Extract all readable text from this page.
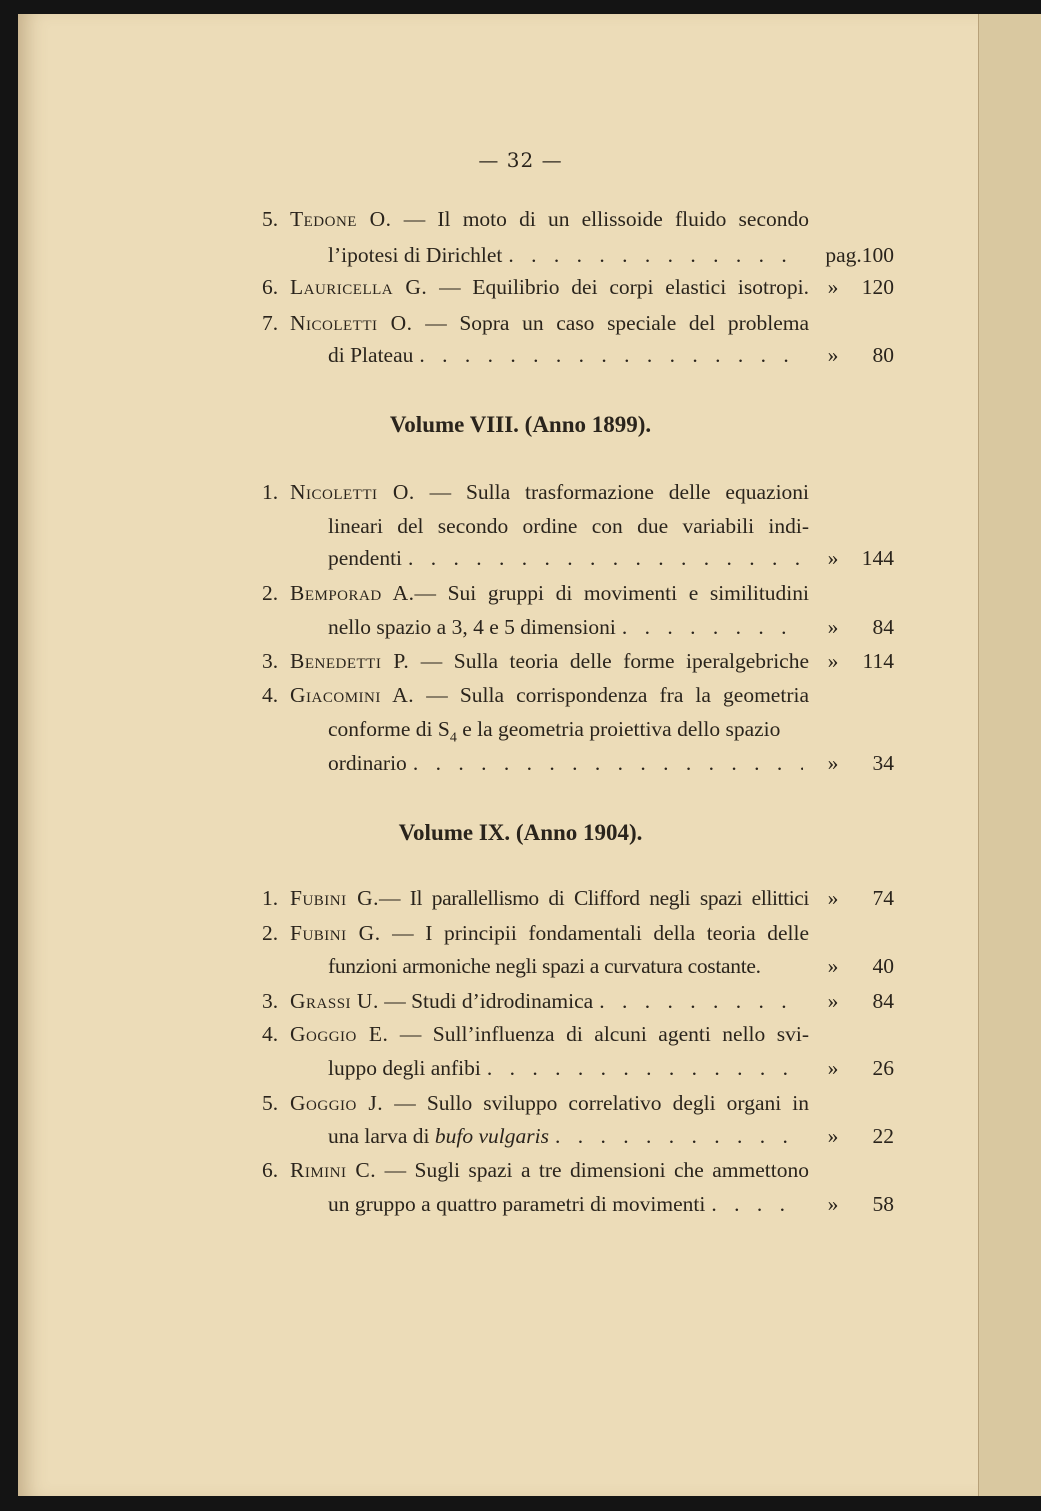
— 32 —
5. Tedone O. — Il moto di un ellissoide fluido secondo
l’ipotesi di Dirichlet . . .	pag.100
6. Lauricella G. — Equilibrio dei corpi elastici isotropi. »	120
7. Nicoletti O. — Sopra un caso speciale del problema
di Plateau . . .	»	80
Volume VIII. (Anno 1899).
1. Nicoletti O. — Sulla trasformazione delle equazioni
lineari del secondo ordine con due variabili indi-
pendenti . . .	»	144
2. Bemporad A.— Sui gruppi di movimenti e similitudini
nello spazio a 3, 4 e 5 dimensioni . . .	»	84
3. Benedetti P. — Sulla teoria delle forme iperalgebriche »	114
4. Giacomini A. — Sulla corrispondenza fra la geometria
conforme di $S_4$ e la geometria proiettiva dello spazio
ordinario . . .	»	34
Volume IX. (Anno 1904).
1. Fubini G.— Il parallellismo di Clifford negli spazi ellittici »	74
2. Fubini G. — I principii fondamentali della teoria delle
funzioni armoniche negli spazi a curvatura costante.	»	40
3. Grassi U. — Studi d’idrodinamica . . .	»	84
4. Goggio E. — Sull’influenza di alcuni agenti nello svi-
luppo degli anfibi . . .	»	26
5. Goggio J. — Sullo sviluppo correlativo degli organi in
una larva di bufo vulgaris . . .	»	22
6. Rimini C. — Sugli spazi a tre dimensioni che ammettono
un gruppo a quattro parametri di movimenti . . .	»	58
